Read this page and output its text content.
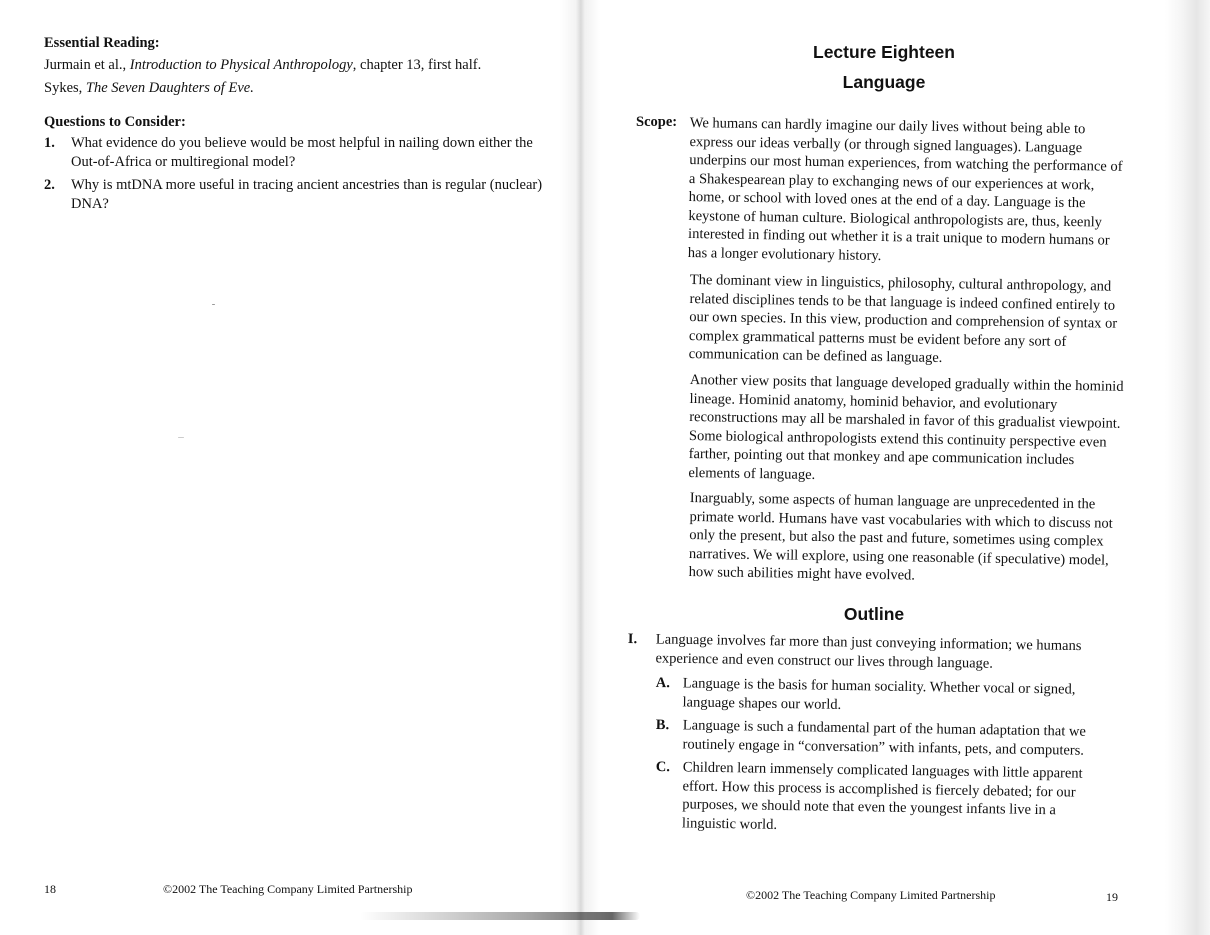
Essential Reading:
Jurmain et al., Introduction to Physical Anthropology, chapter 13, first half.
Sykes, The Seven Daughters of Eve.
Questions to Consider:
1. What evidence do you believe would be most helpful in nailing down either the Out-of-Africa or multiregional model?
2. Why is mtDNA more useful in tracing ancient ancestries than is regular (nuclear) DNA?
18	©2002 The Teaching Company Limited Partnership
Lecture Eighteen
Language
Scope: We humans can hardly imagine our daily lives without being able to express our ideas verbally (or through signed languages). Language underpins our most human experiences, from watching the performance of a Shakespearean play to exchanging news of our experiences at work, home, or school with loved ones at the end of a day. Language is the keystone of human culture. Biological anthropologists are, thus, keenly interested in finding out whether it is a trait unique to modern humans or has a longer evolutionary history.
The dominant view in linguistics, philosophy, cultural anthropology, and related disciplines tends to be that language is indeed confined entirely to our own species. In this view, production and comprehension of syntax or complex grammatical patterns must be evident before any sort of communication can be defined as language.
Another view posits that language developed gradually within the hominid lineage. Hominid anatomy, hominid behavior, and evolutionary reconstructions may all be marshaled in favor of this gradualist viewpoint. Some biological anthropologists extend this continuity perspective even farther, pointing out that monkey and ape communication includes elements of language.
Inarguably, some aspects of human language are unprecedented in the primate world. Humans have vast vocabularies with which to discuss not only the present, but also the past and future, sometimes using complex narratives. We will explore, using one reasonable (if speculative) model, how such abilities might have evolved.
Outline
I. Language involves far more than just conveying information; we humans experience and even construct our lives through language.
A. Language is the basis for human sociality. Whether vocal or signed, language shapes our world.
B. Language is such a fundamental part of the human adaptation that we routinely engage in “conversation” with infants, pets, and computers.
C. Children learn immensely complicated languages with little apparent effort. How this process is accomplished is fiercely debated; for our purposes, we should note that even the youngest infants live in a linguistic world.
©2002 The Teaching Company Limited Partnership	19
